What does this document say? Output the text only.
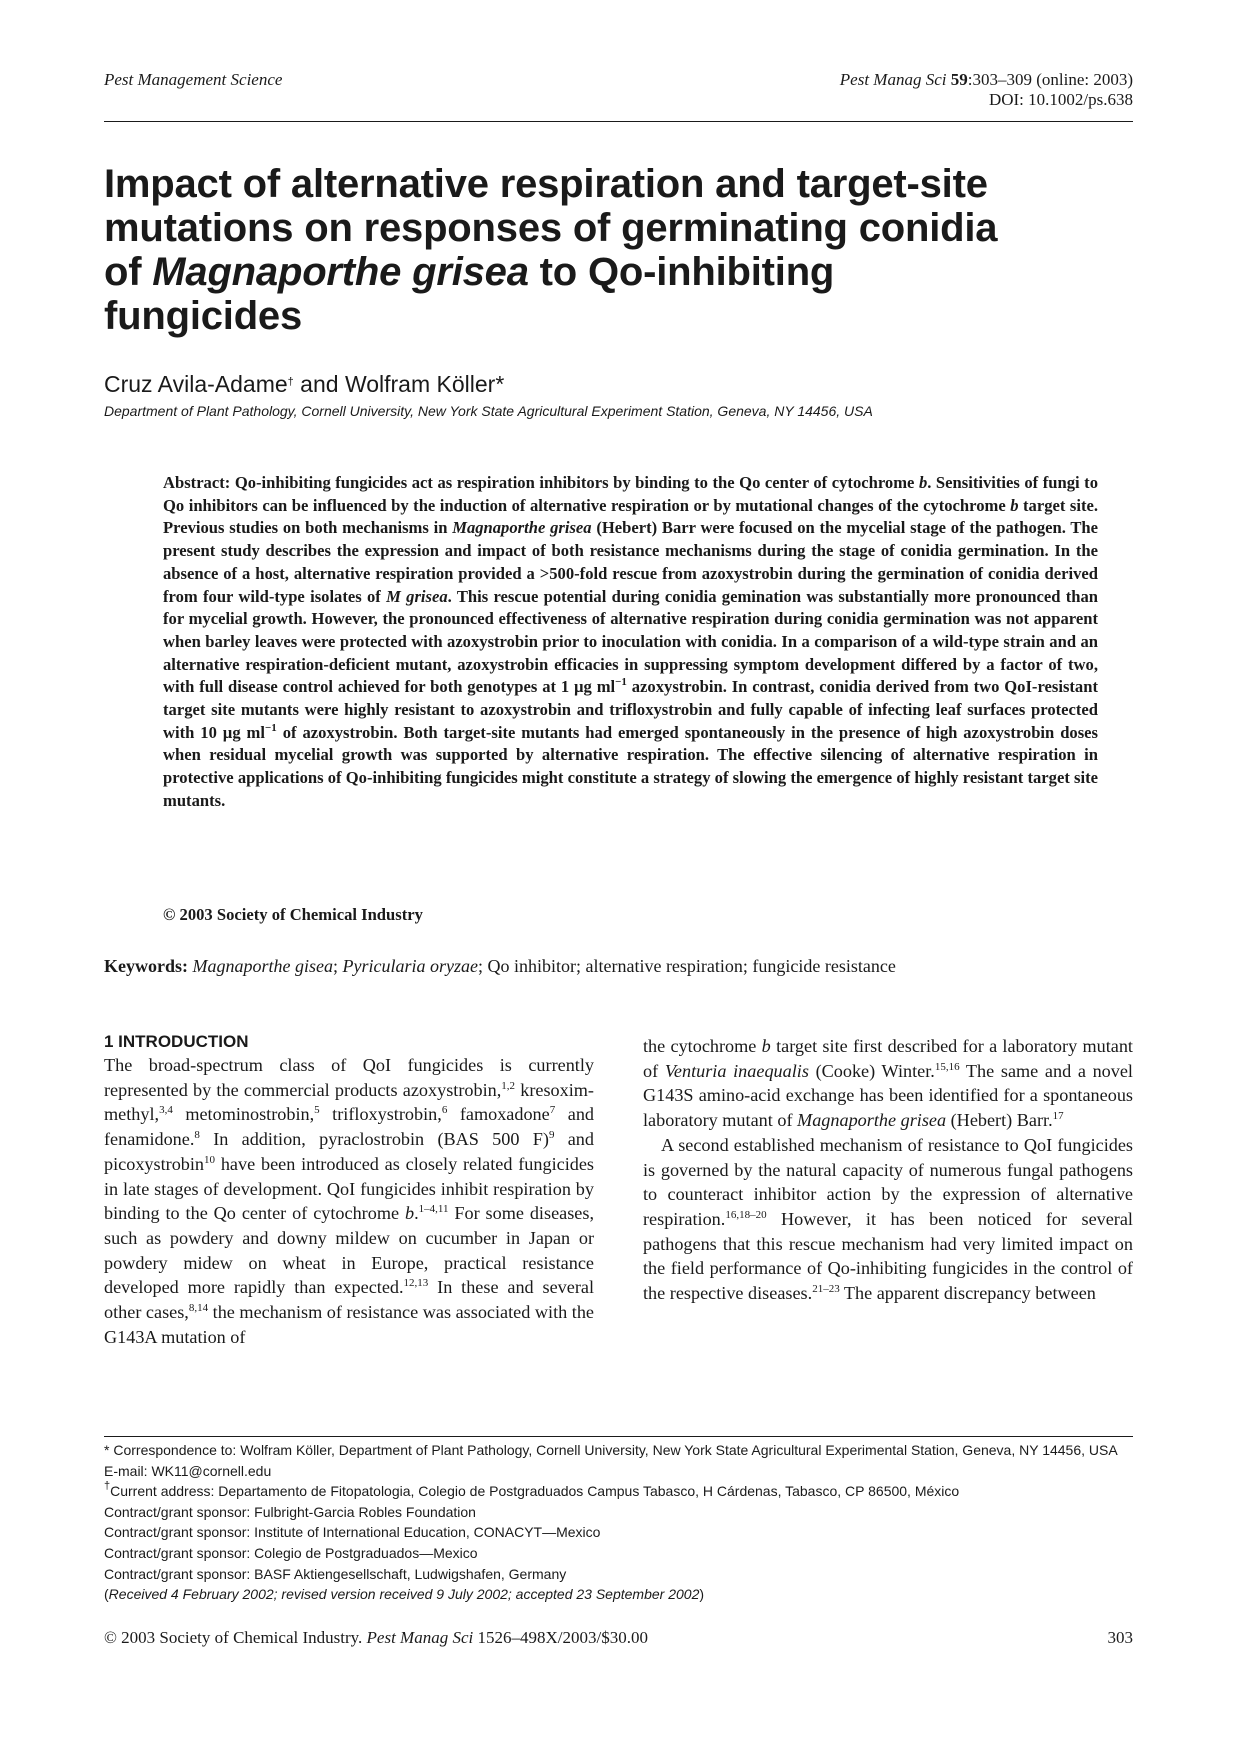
Pest Management Science	Pest Manag Sci 59:303–309 (online: 2003)
DOI: 10.1002/ps.638
Impact of alternative respiration and target-site
mutations on responses of germinating conidia
of Magnaporthe grisea to Qo-inhibiting
fungicides
Cruz Avila-Adame† and Wolfram Köller*
Department of Plant Pathology, Cornell University, New York State Agricultural Experiment Station, Geneva, NY 14456, USA

Abstract: Qo-inhibiting fungicides act as respiration inhibitors by binding to the Qo center of cytochrome b. Sensitivities of fungi to Qo inhibitors can be influenced by the induction of alternative respiration or by mutational changes of the cytochrome b target site. Previous studies on both mechanisms in Magnaporthe grisea (Hebert) Barr were focused on the mycelial stage of the pathogen. The present study describes the expression and impact of both resistance mechanisms during the stage of conidia germination. In the absence of a host, alternative respiration provided a >500-fold rescue from azoxystrobin during the germination of conidia derived from four wild-type isolates of M grisea. This rescue potential during conidia gemination was substantially more pronounced than for mycelial growth. However, the pronounced effectiveness of alternative respiration during conidia germination was not apparent when barley leaves were protected with azoxystrobin prior to inoculation with conidia. In a comparison of a wild-type strain and an alternative respiration-deficient mutant, azoxystrobin efficacies in suppressing symptom development differed by a factor of two, with full disease control achieved for both genotypes at 1 µg $ml^{-1}$ azoxystrobin. In contrast, conidia derived from two QoI-resistant target site mutants were highly resistant to azoxystrobin and trifloxystrobin and fully capable of infecting leaf surfaces protected with 10 µg $ml^{-1}$ of azoxystrobin. Both target-site mutants had emerged spontaneously in the presence of high azoxystrobin doses when residual mycelial growth was supported by alternative respiration. The effective silencing of alternative respiration in protective applications of Qo-inhibiting fungicides might constitute a strategy of slowing the emergence of highly resistant target site mutants.

© 2003 Society of Chemical Industry
Keywords: Magnaporthe gisea; Pyricularia oryzae; Qo inhibitor; alternative respiration; fungicide resistance
1 INTRODUCTION

The broad-spectrum class of QoI fungicides is currently represented by the commercial products azoxystrobin,$^{1,2}$ kresoxim-methyl,$^{3,4}$ metominostrobin,$^5$ trifloxystrobin,$^6$ famoxadone$^7$ and fenamidone.$^8$ In addition, pyraclostrobin (BAS 500 F)$^9$ and picoxystrobin$^{10}$ have been introduced as closely related fungicides in late stages of development. QoI fungicides inhibit respiration by binding to the Qo center of cytochrome b.$^{1-4,11}$ For some diseases, such as powdery and downy mildew on cucumber in Japan or powdery midew on wheat in Europe, practical resistance developed more rapidly than expected.$^{12,13}$ In these and several other cases,$^{8,14}$ the mechanism of resistance was associated with the G143A mutation of

the cytochrome b target site first described for a laboratory mutant of Venturia inaequalis (Cooke) Winter.$^{15,16}$ The same and a novel G143S amino-acid exchange has been identified for a spontaneous laboratory mutant of Magnaporthe grisea (Hebert) Barr.$^{17}$

A second established mechanism of resistance to QoI fungicides is governed by the natural capacity of numerous fungal pathogens to counteract inhibitor action by the expression of alternative respiration.$^{16,18-20}$ However, it has been noticed for several pathogens that this rescue mechanism had very limited impact on the field performance of Qo-inhibiting fungicides in the control of the respective diseases.$^{21-23}$ The apparent discrepancy between

* Correspondence to: Wolfram Köller, Department of Plant Pathology, Cornell University, New York State Agricultural Experimental Station, Geneva, NY 14456, USA
E-mail: WK11@cornell.edu
†Current address: Departamento de Fitopatologia, Colegio de Postgraduados Campus Tabasco, H Cárdenas, Tabasco, CP 86500, México
Contract/grant sponsor: Fulbright-Garcia Robles Foundation
Contract/grant sponsor: Institute of International Education, CONACYT—Mexico
Contract/grant sponsor: Colegio de Postgraduados—Mexico
Contract/grant sponsor: BASF Aktiengesellschaft, Ludwigshafen, Germany
(Received 4 February 2002; revised version received 9 July 2002; accepted 23 September 2002)
© 2003 Society of Chemical Industry. Pest Manag Sci 1526–498X/2003/$30.00	303
